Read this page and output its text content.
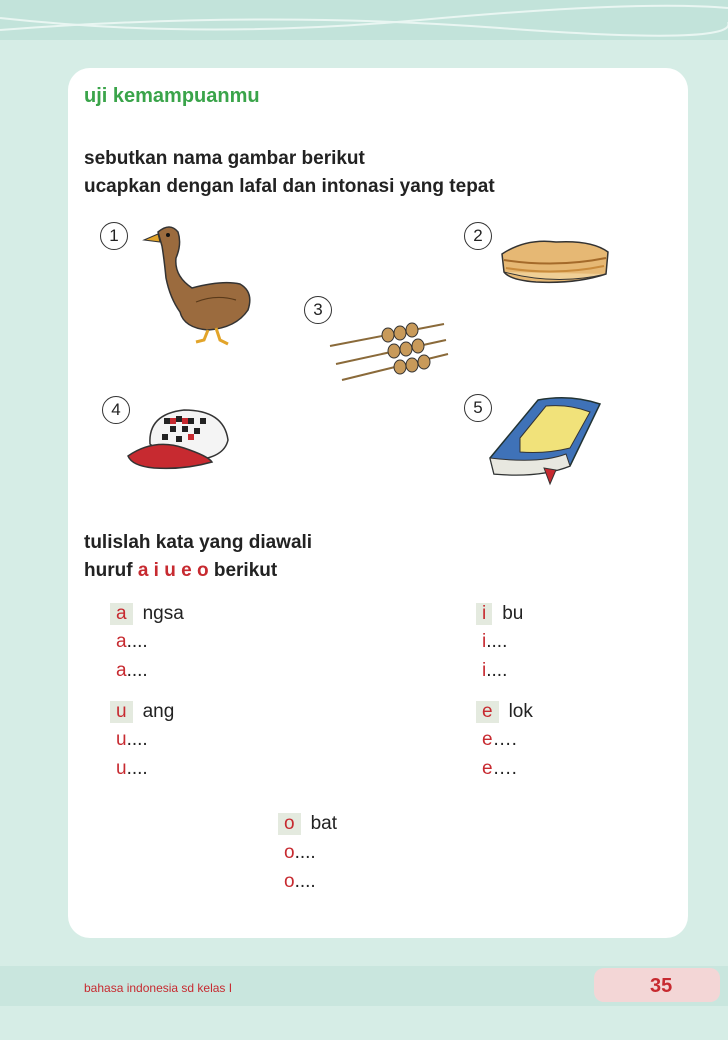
uji kemampuanmu
sebutkan nama gambar berikut
ucapkan dengan lafal dan intonasi yang tepat
1	2
3
4	5
tulislah kata yang diawali
huruf a i u e o berikut
a ngsa
a....
a....
i bu
i....
i....
u ang
u....
u....
e lok
e….
e….
o bat
o....
o....
bahasa indonesia sd kelas I	35
